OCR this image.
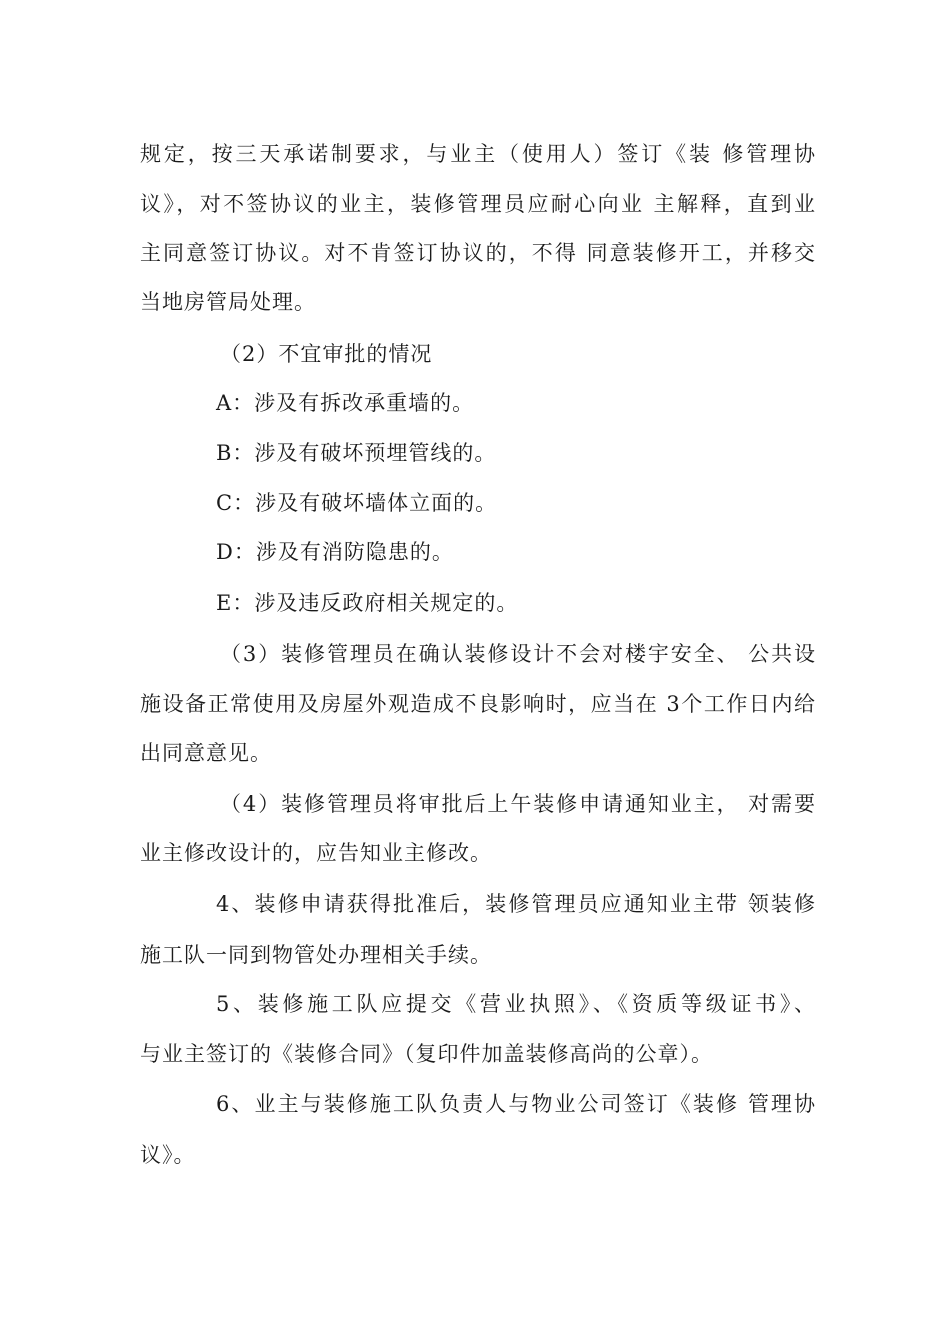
规定，按三天承诺制要求，与业主（使用人）签订《装 修管理协
议》，对不签协议的业主，装修管理员应耐心向业 主解释，直到业
主同意签订协议。对不肯签订协议的，不得 同意装修开工，并移交
当地房管局处理。
（2）不宜审批的情况
A：涉及有拆改承重墙的。
B：涉及有破坏预埋管线的。
C：涉及有破坏墙体立面的。
D：涉及有消防隐患的。
E：涉及违反政府相关规定的。
（3）装修管理员在确认装修设计不会对楼宇安全、 公共设
施设备正常使用及房屋外观造成不良影响时，应当在 3个工作日内给
出同意意见。
（4）装修管理员将审批后上午装修申请通知业主， 对需要
业主修改设计的，应告知业主修改。
4、装修申请获得批准后，装修管理员应通知业主带 领装修
施工队一同到物管处办理相关手续。
5、装修施工队应提交《营业执照》、《资质等级证书》、
与业主签订的《装修合同》（复印件加盖装修高尚的公章）。
6、业主与装修施工队负责人与物业公司签订《装修 管理协
议》。
